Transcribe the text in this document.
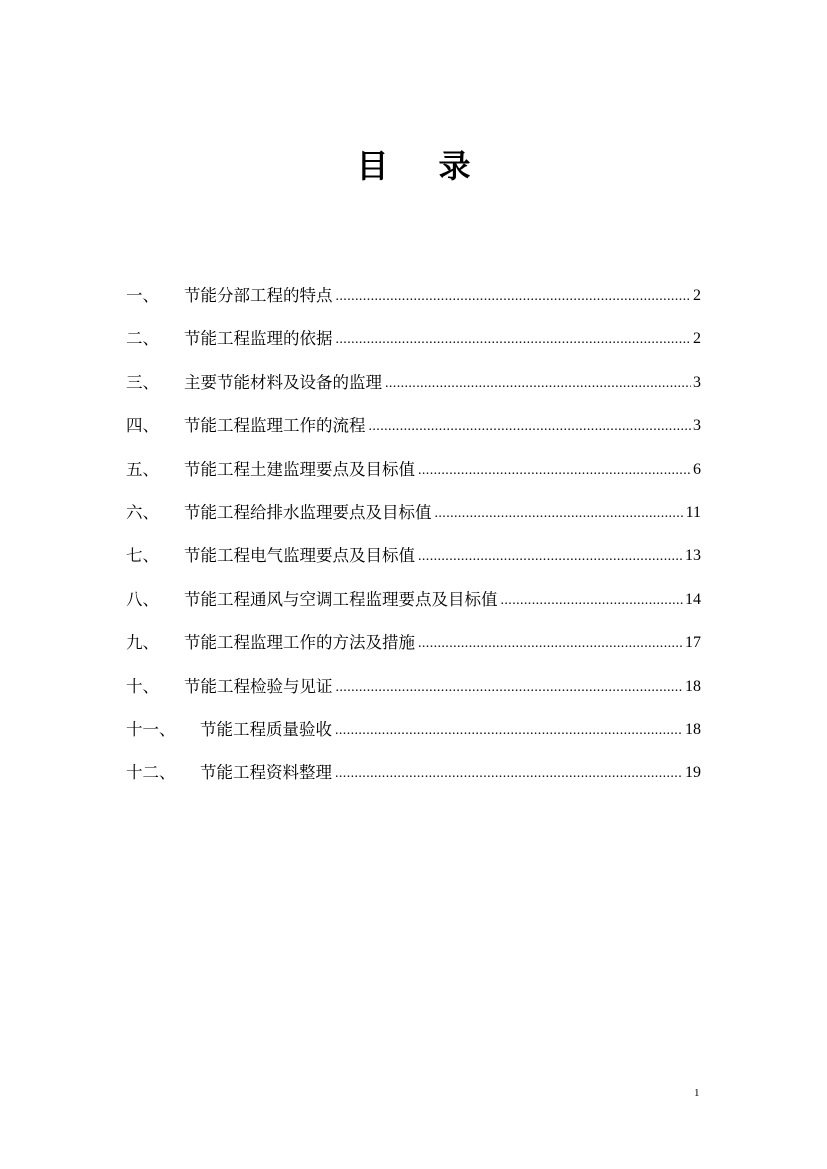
目 录
一、	节能分部工程的特点 .....	2
二、	节能工程监理的依据 .....	2
三、	主要节能材料及设备的监理 .....	3
四、	节能工程监理工作的流程 .....	3
五、	节能工程土建监理要点及目标值 .....	6
六、	节能工程给排水监理要点及目标值 .....	11
七、	节能工程电气监理要点及目标值 .....	13
八、	节能工程通风与空调工程监理要点及目标值 .....	14
九、	节能工程监理工作的方法及措施 .....	17
十、	节能工程检验与见证 .....	18
十一、	节能工程质量验收 .....	18
十二、	节能工程资料整理 .....	19
1
